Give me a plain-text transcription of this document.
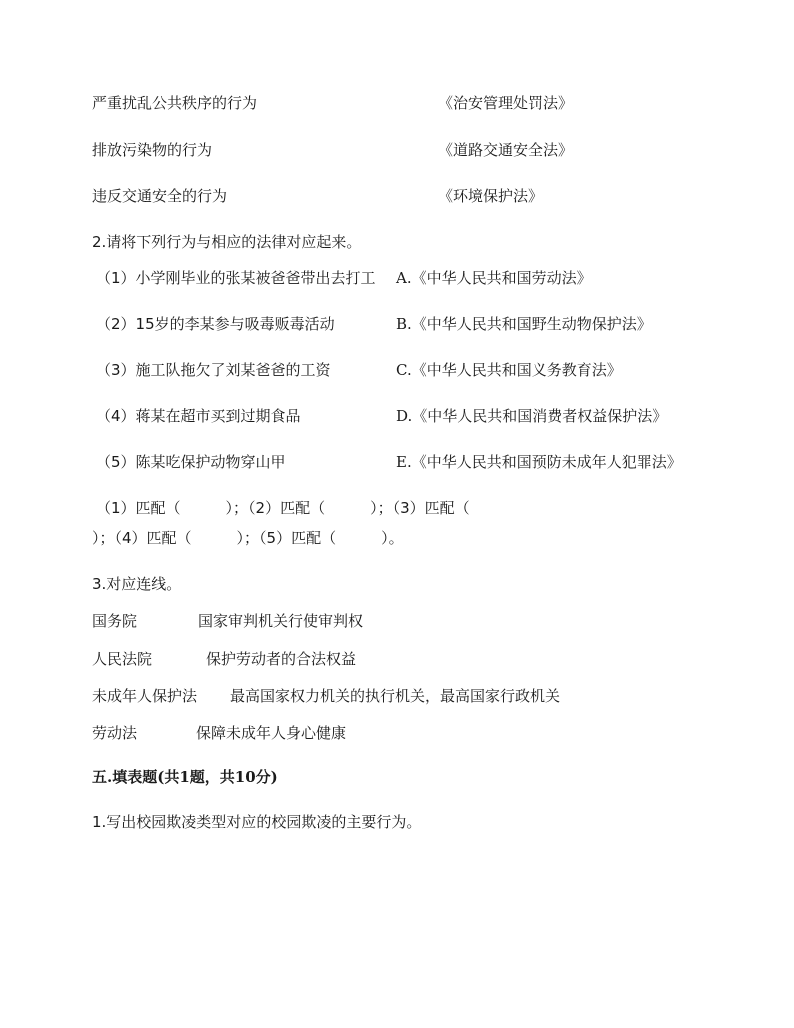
严重扰乱公共秩序的行为	《治安管理处罚法》
排放污染物的行为	《道路交通安全法》
违反交通安全的行为	《环境保护法》
2.请将下列行为与相应的法律对应起来。
（1）小学刚毕业的张某被爸爸带出去打工 A.《中华人民共和国劳动法》
（2）15岁的李某参与吸毒贩毒活动	B.《中华人民共和国野生动物保护法》
（3）施工队拖欠了刘某爸爸的工资	C.《中华人民共和国义务教育法》
（4）蒋某在超市买到过期食品	D.《中华人民共和国消费者权益保护法》
（5）陈某吃保护动物穿山甲	E.《中华人民共和国预防未成年人犯罪法》
（1）匹配（　　　）；（2）匹配（　　　）；（3）匹配（
）；（4）匹配（　　　）；（5）匹配（　　　）。
3.对应连线。
国务院	国家审判机关行使审判权
人民法院	保护劳动者的合法权益
未成年人保护法 最高国家权力机关的执行机关，最高国家行政机关
劳动法	保障未成年人身心健康
五.填表题(共1题，共10分)
1.写出校园欺凌类型对应的校园欺凌的主要行为。
